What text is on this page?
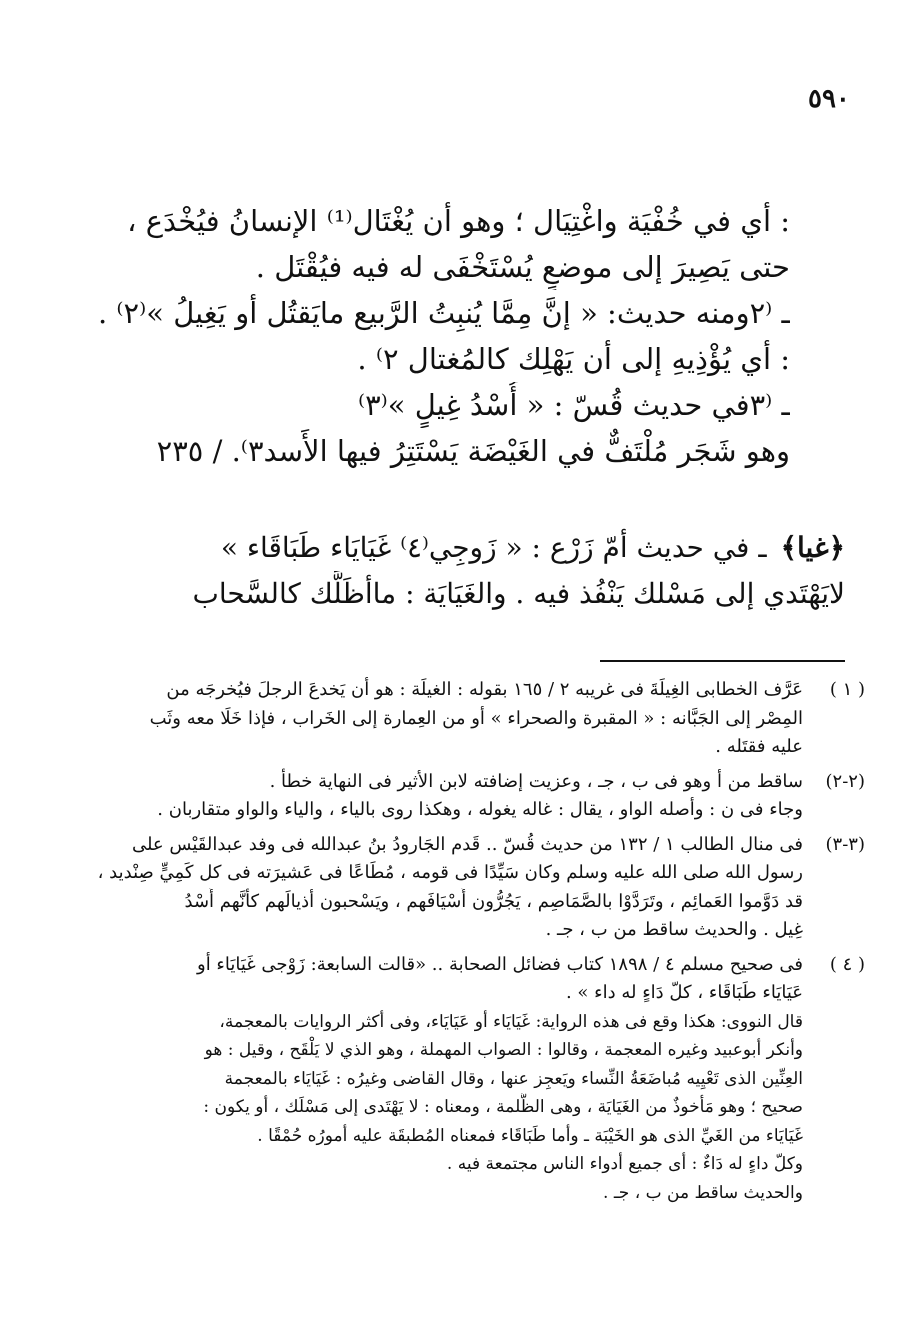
٥٩٠
: أي في خُفْيَة واغْتِيَال ؛ وهو أن يُغْتَال⁽¹⁾ الإنسانُ فيُخْدَع ،
حتى يَصِيرَ إلى موضعٍ يُسْتَخْفَى له فيه فيُقْتَل .
ـ ⁽٢ومنه حديث: « إنَّ مِمَّا يُنبِتُ الرَّبيع مايَقتُل أو يَغِيلُ »⁽٢⁾ .
: أي يُؤْذِيهِ إلى أن يَهْلِك كالمُغتال ٢⁾ .
ـ ⁽٣في حديث قُسّ : « أُسْدُ غِيلٍ »⁽٣⁾
وهو شَجَر مُلْتَفٌّ في الغَيْضَة يَسْتَتِرُ فيها الأَسد٣⁾. / ٢٣٥
﴿غيا﴾ـ في حديث أمّ زَرْع : « زَوجِي⁽٤⁾ غَيَايَاء طَبَاقَاء »
لايَهْتَدي إلى مَسْلك يَنْفُذ فيه . والغَيَايَة : ماأظَلَّك كالسَّحاب
( ١ )
عَرَّف الخطابى الغِيلَةَ فى غريبه ٢ / ١٦٥ بقوله : الغيلَة : هو أن يَخدعَ الرجلَ فيُخرجَه من
المِصْر إلى الجَبَّانه : « المقبرة والصحراء » أو من العِمارة إلى الخَراب ، فإذا خَلَا معه وثَب
عليه فقتَله .
(٢-٢)
ساقط من أ وهو فى ب ، جـ ، وعزيت إضافته لابن الأثير فى النهاية خطأ .
وجاء فى ن : وأصله الواو ، يقال : غاله يغوله ، وهكذا روى بالياء ، والياء والواو متقاربان .
(٣-٣)
فى منال الطالب ١ / ١٣٢ من حديث قُسّ .. قَدم الجَارودُ بنُ عبدالله فى وفد عبدالقَيْس على
رسول الله صلى الله عليه وسلم وكان سَيِّدًا فى قومه ، مُطَاعًا فى عَشيرَته فى كل كَمِيٍّ صِنْديد ،
قد دَوَّموا العَمائِم ، وتَرَدَّوْا بالصَّمَاصِم ، يَجُرُّون أَسْيَافَهم ، ويَسْحبون أذيالَهم كأنَّهم أُسْدُ
غِيل . والحديث ساقط من ب ، جـ .
( ٤ )
فى صحيح مسلم ٤ / ١٨٩٨ كتاب فضائل الصحابة .. «قالت السابعة: زَوْجى غَيَايَاء أو
عَيَايَاء طَبَاقَاء ، كلّ دَاءٍ له داء » .
قال النووى: هكذا وقع فى هذه الرواية: غَيَايَاء أو عَيَايَاء، وفى أكثر الروايات بالمعجمة،
وأنكر أبوعبيد وغيره المعجمة ، وقالوا : الصواب المهملة ، وهو الذي لا يَلْقَح ، وقيل : هو
العِنِّين الذى تَعْيِيه مُباضَعَةُ النِّساء ويَعجِز عنها ، وقال القاضى وغيرُه : غَيَايَاء بالمعجمة
صحيح ؛ وهو مَأخوذٌ من الغَيَايَة ، وهى الظُّلمة ، ومعناه : لا يَهْتَدى إلى مَسْلَك ، أو يكون :
غَيَايَاء من الغَيِّ الذى هو الخَيْبَة ـ وأما طَبَاقَاء فمعناه المُطبقَة عليه أمورُه حُمْقًا .
وكلّ داءٍ له دَاءٌ : أى جميع أدواء الناس مجتمعة فيه .
والحديث ساقط من ب ، جـ .
